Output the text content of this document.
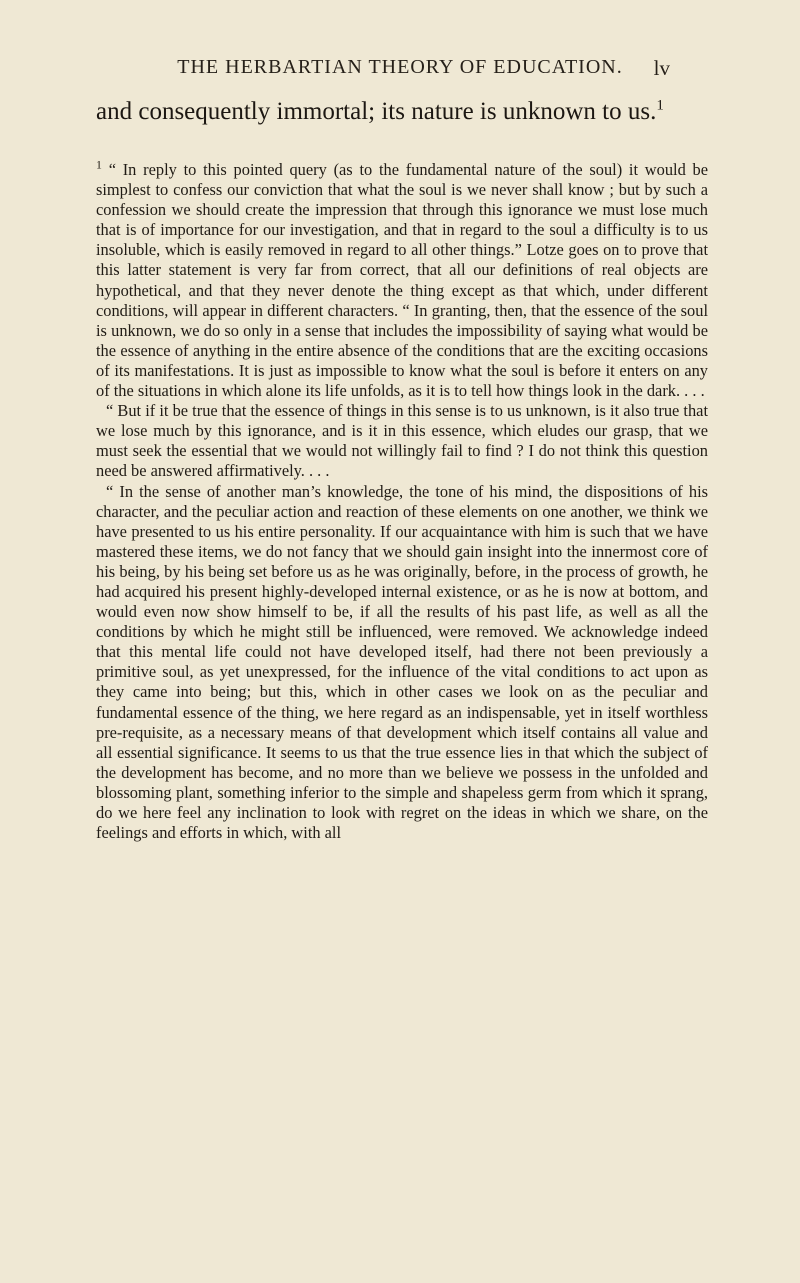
THE HERBARTIAN THEORY OF EDUCATION.	lv
and consequently immortal; its nature is unknown to us.$^1$

$^1$ “ In reply to this pointed query (as to the fundamental nature of the soul) it would be simplest to confess our conviction that what the soul is we never shall know ; but by such a confession we should create the impression that through this ignorance we must lose much that is of importance for our investigation, and that in regard to the soul a difficulty is to us insoluble, which is easily removed in regard to all other things.” Lotze goes on to prove that this latter statement is very far from correct, that all our definitions of real objects are hypothetical, and that they never denote the thing except as that which, under different conditions, will appear in different characters. “ In granting, then, that the essence of the soul is unknown, we do so only in a sense that includes the impossibility of saying what would be the essence of anything in the entire absence of the conditions that are the exciting occasions of its manifestations. It is just as impossible to know what the soul is before it enters on any of the situations in which alone its life unfolds, as it is to tell how things look in the dark. . . .

“ But if it be true that the essence of things in this sense is to us unknown, is it also true that we lose much by this ignorance, and is it in this essence, which eludes our grasp, that we must seek the essential that we would not willingly fail to find ? I do not think this question need be answered affirmatively. . . .

“ In the sense of another man’s knowledge, the tone of his mind, the dispositions of his character, and the peculiar action and reaction of these elements on one another, we think we have presented to us his entire personality. If our acquaintance with him is such that we have mastered these items, we do not fancy that we should gain insight into the innermost core of his being, by his being set before us as he was originally, before, in the process of growth, he had acquired his present highly-developed internal existence, or as he is now at bottom, and would even now show himself to be, if all the results of his past life, as well as all the conditions by which he might still be influenced, were removed. We acknowledge indeed that this mental life could not have developed itself, had there not been previously a primitive soul, as yet unexpressed, for the influence of the vital conditions to act upon as they came into being; but this, which in other cases we look on as the peculiar and fundamental essence of the thing, we here regard as an indispensable, yet in itself worthless pre-requisite, as a necessary means of that development which itself contains all value and all essential significance. It seems to us that the true essence lies in that which the subject of the development has become, and no more than we believe we possess in the unfolded and blossoming plant, something inferior to the simple and shapeless germ from which it sprang, do we here feel any inclination to look with regret on the ideas in which we share, on the feelings and efforts in which, with all
